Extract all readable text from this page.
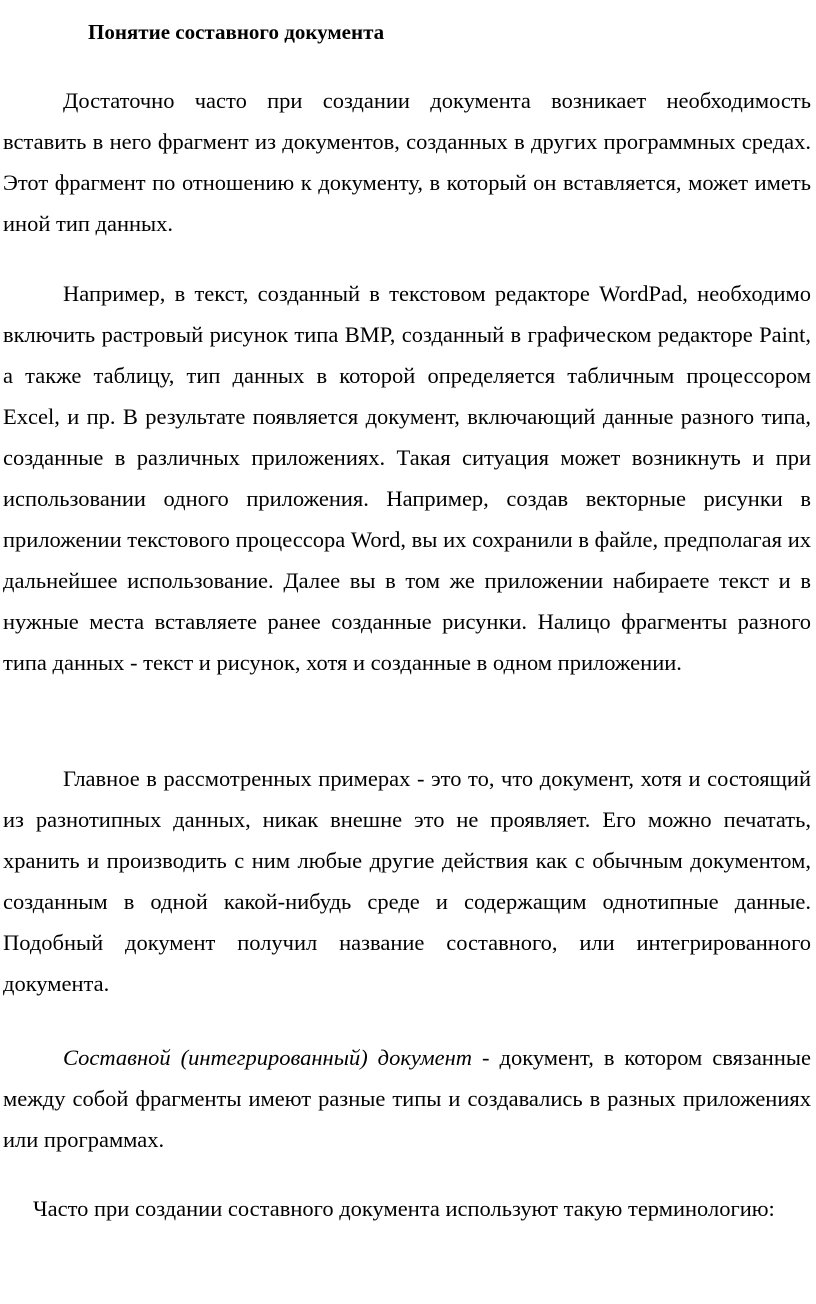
Понятие составного документа

Достаточно часто при создании документа возникает необходимость вставить в него фрагмент из документов, созданных в других программных средах. Этот фрагмент по отношению к документу, в который он вставляется, может иметь иной тип данных.

Например, в текст, созданный в текстовом редакторе WordPad, необходимо включить растровый рисунок типа BMP, созданный в графическом редакторе Paint, а также таблицу, тип данных в которой определяется табличным процессором Excel, и пр. В результате появляется документ, включающий данные разного типа, созданные в различных приложениях. Такая ситуация может возникнуть и при использовании одного приложения. Например, создав векторные рисунки в приложении текстового процессора Word, вы их сохранили в файле, предполагая их дальнейшее использование. Далее вы в том же приложении набираете текст и в нужные места вставляете ранее созданные рисунки. Налицо фрагменты разного типа данных - текст и рисунок, хотя и созданные в одном приложении.

Главное в рассмотренных примерах - это то, что документ, хотя и состоящий из разнотипных данных, никак внешне это не проявляет. Его можно печатать, хранить и производить с ним любые другие действия как с обычным документом, созданным в одной какой-нибудь среде и содержащим однотипные данные. Подобный документ получил название составного, или интегрированного документа.

Составной (интегрированный) документ - документ, в котором связанные между собой фрагменты имеют разные типы и создавались в разных приложениях или программах.

Часто при создании составного документа используют такую терминологию:
